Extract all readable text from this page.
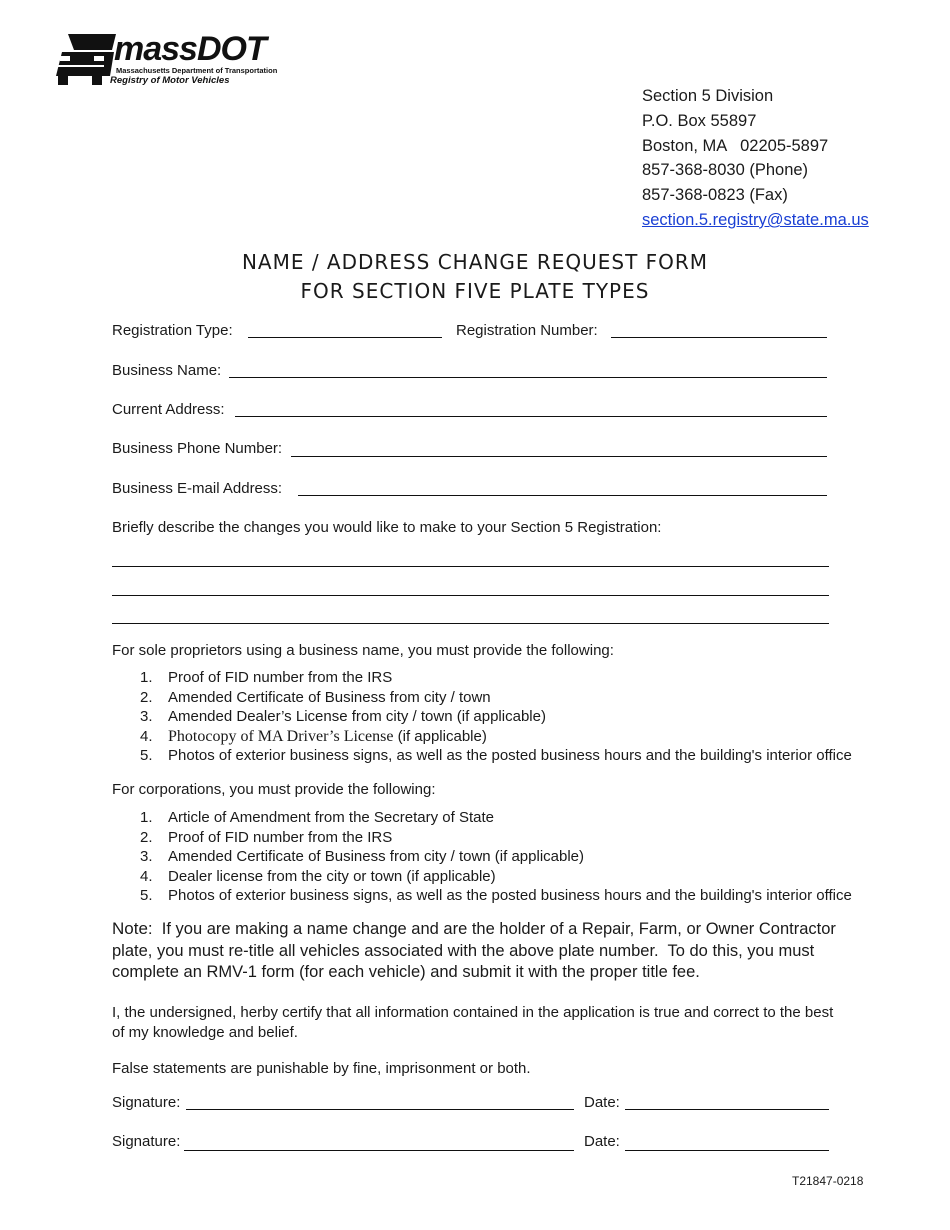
massDOT
Massachusetts Department of Transportation
Registry of Motor Vehicles
Section 5 Division
P.O. Box 55897
Boston, MA   02205-5897
857-368-8030 (Phone)
857-368-0823 (Fax)
section.5.registry@state.ma.us
NAME / ADDRESS CHANGE REQUEST FORM
FOR SECTION FIVE PLATE TYPES
Registration Type:	Registration Number:
Business Name:
Current Address:
Business Phone Number:
Business E-mail Address:
Briefly describe the changes you would like to make to your Section 5 Registration:
For sole proprietors using a business name, you must provide the following:
1. Proof of FID number from the IRS
2. Amended Certificate of Business from city / town
3. Amended Dealer’s License from city / town (if applicable)
4. Photocopy of MA Driver’s License (if applicable)
5. Photos of exterior business signs, as well as the posted business hours and the building's interior office
For corporations, you must provide the following:
1. Article of Amendment from the Secretary of State
2. Proof of FID number from the IRS
3. Amended Certificate of Business from city / town (if applicable)
4. Dealer license from the city or town (if applicable)
5. Photos of exterior business signs, as well as the posted business hours and the building's interior office
Note:  If you are making a name change and are the holder of a Repair, Farm, or Owner Contractor plate, you must re-title all vehicles associated with the above plate number.  To do this, you must complete an RMV-1 form (for each vehicle) and submit it with the proper title fee.
I, the undersigned, herby certify that all information contained in the application is true and correct to the best of my knowledge and belief.
False statements are punishable by fine, imprisonment or both.
Signature:	Date:
Signature:	Date:
T21847-0218
